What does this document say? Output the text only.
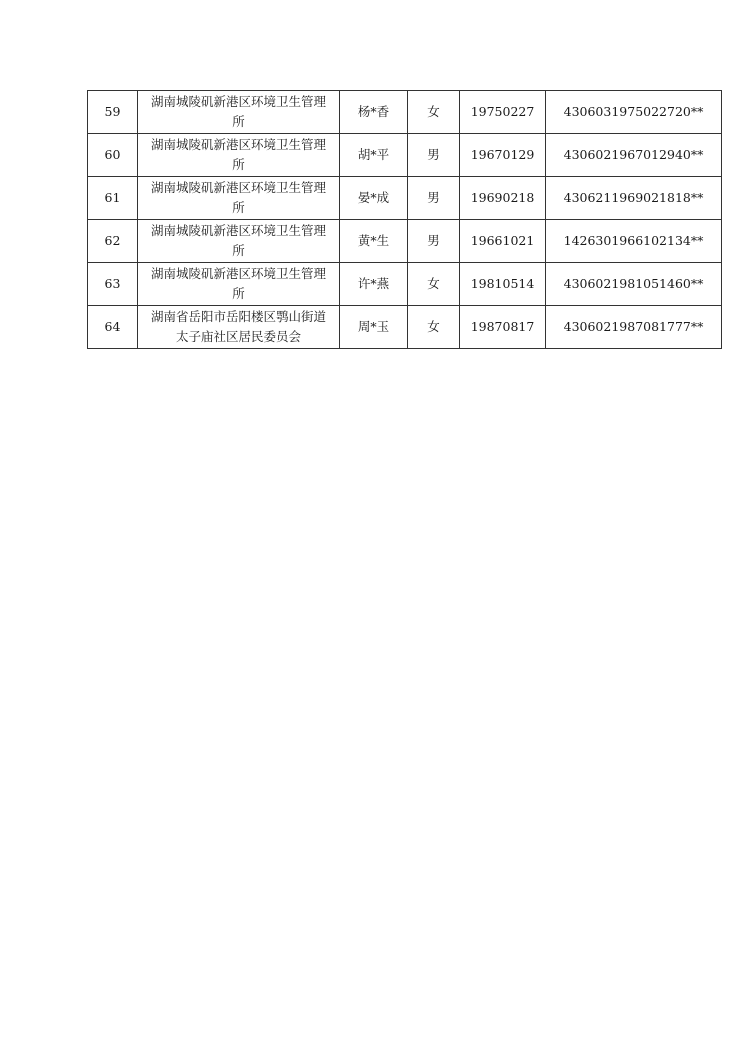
59	湖南城陵矶新港区环境卫生管理所	杨*香	女	19750227	4306031975022720**
60	湖南城陵矶新港区环境卫生管理所	胡*平	男	19670129	4306021967012940**
61	湖南城陵矶新港区环境卫生管理所	晏*成	男	19690218	4306211969021818**
62	湖南城陵矶新港区环境卫生管理所	黄*生	男	19661021	1426301966102134**
63	湖南城陵矶新港区环境卫生管理所	许*燕	女	19810514	4306021981051460**
64	湖南省岳阳市岳阳楼区鹗山街道太子庙社区居民委员会	周*玉	女	19870817	4306021987081777**
